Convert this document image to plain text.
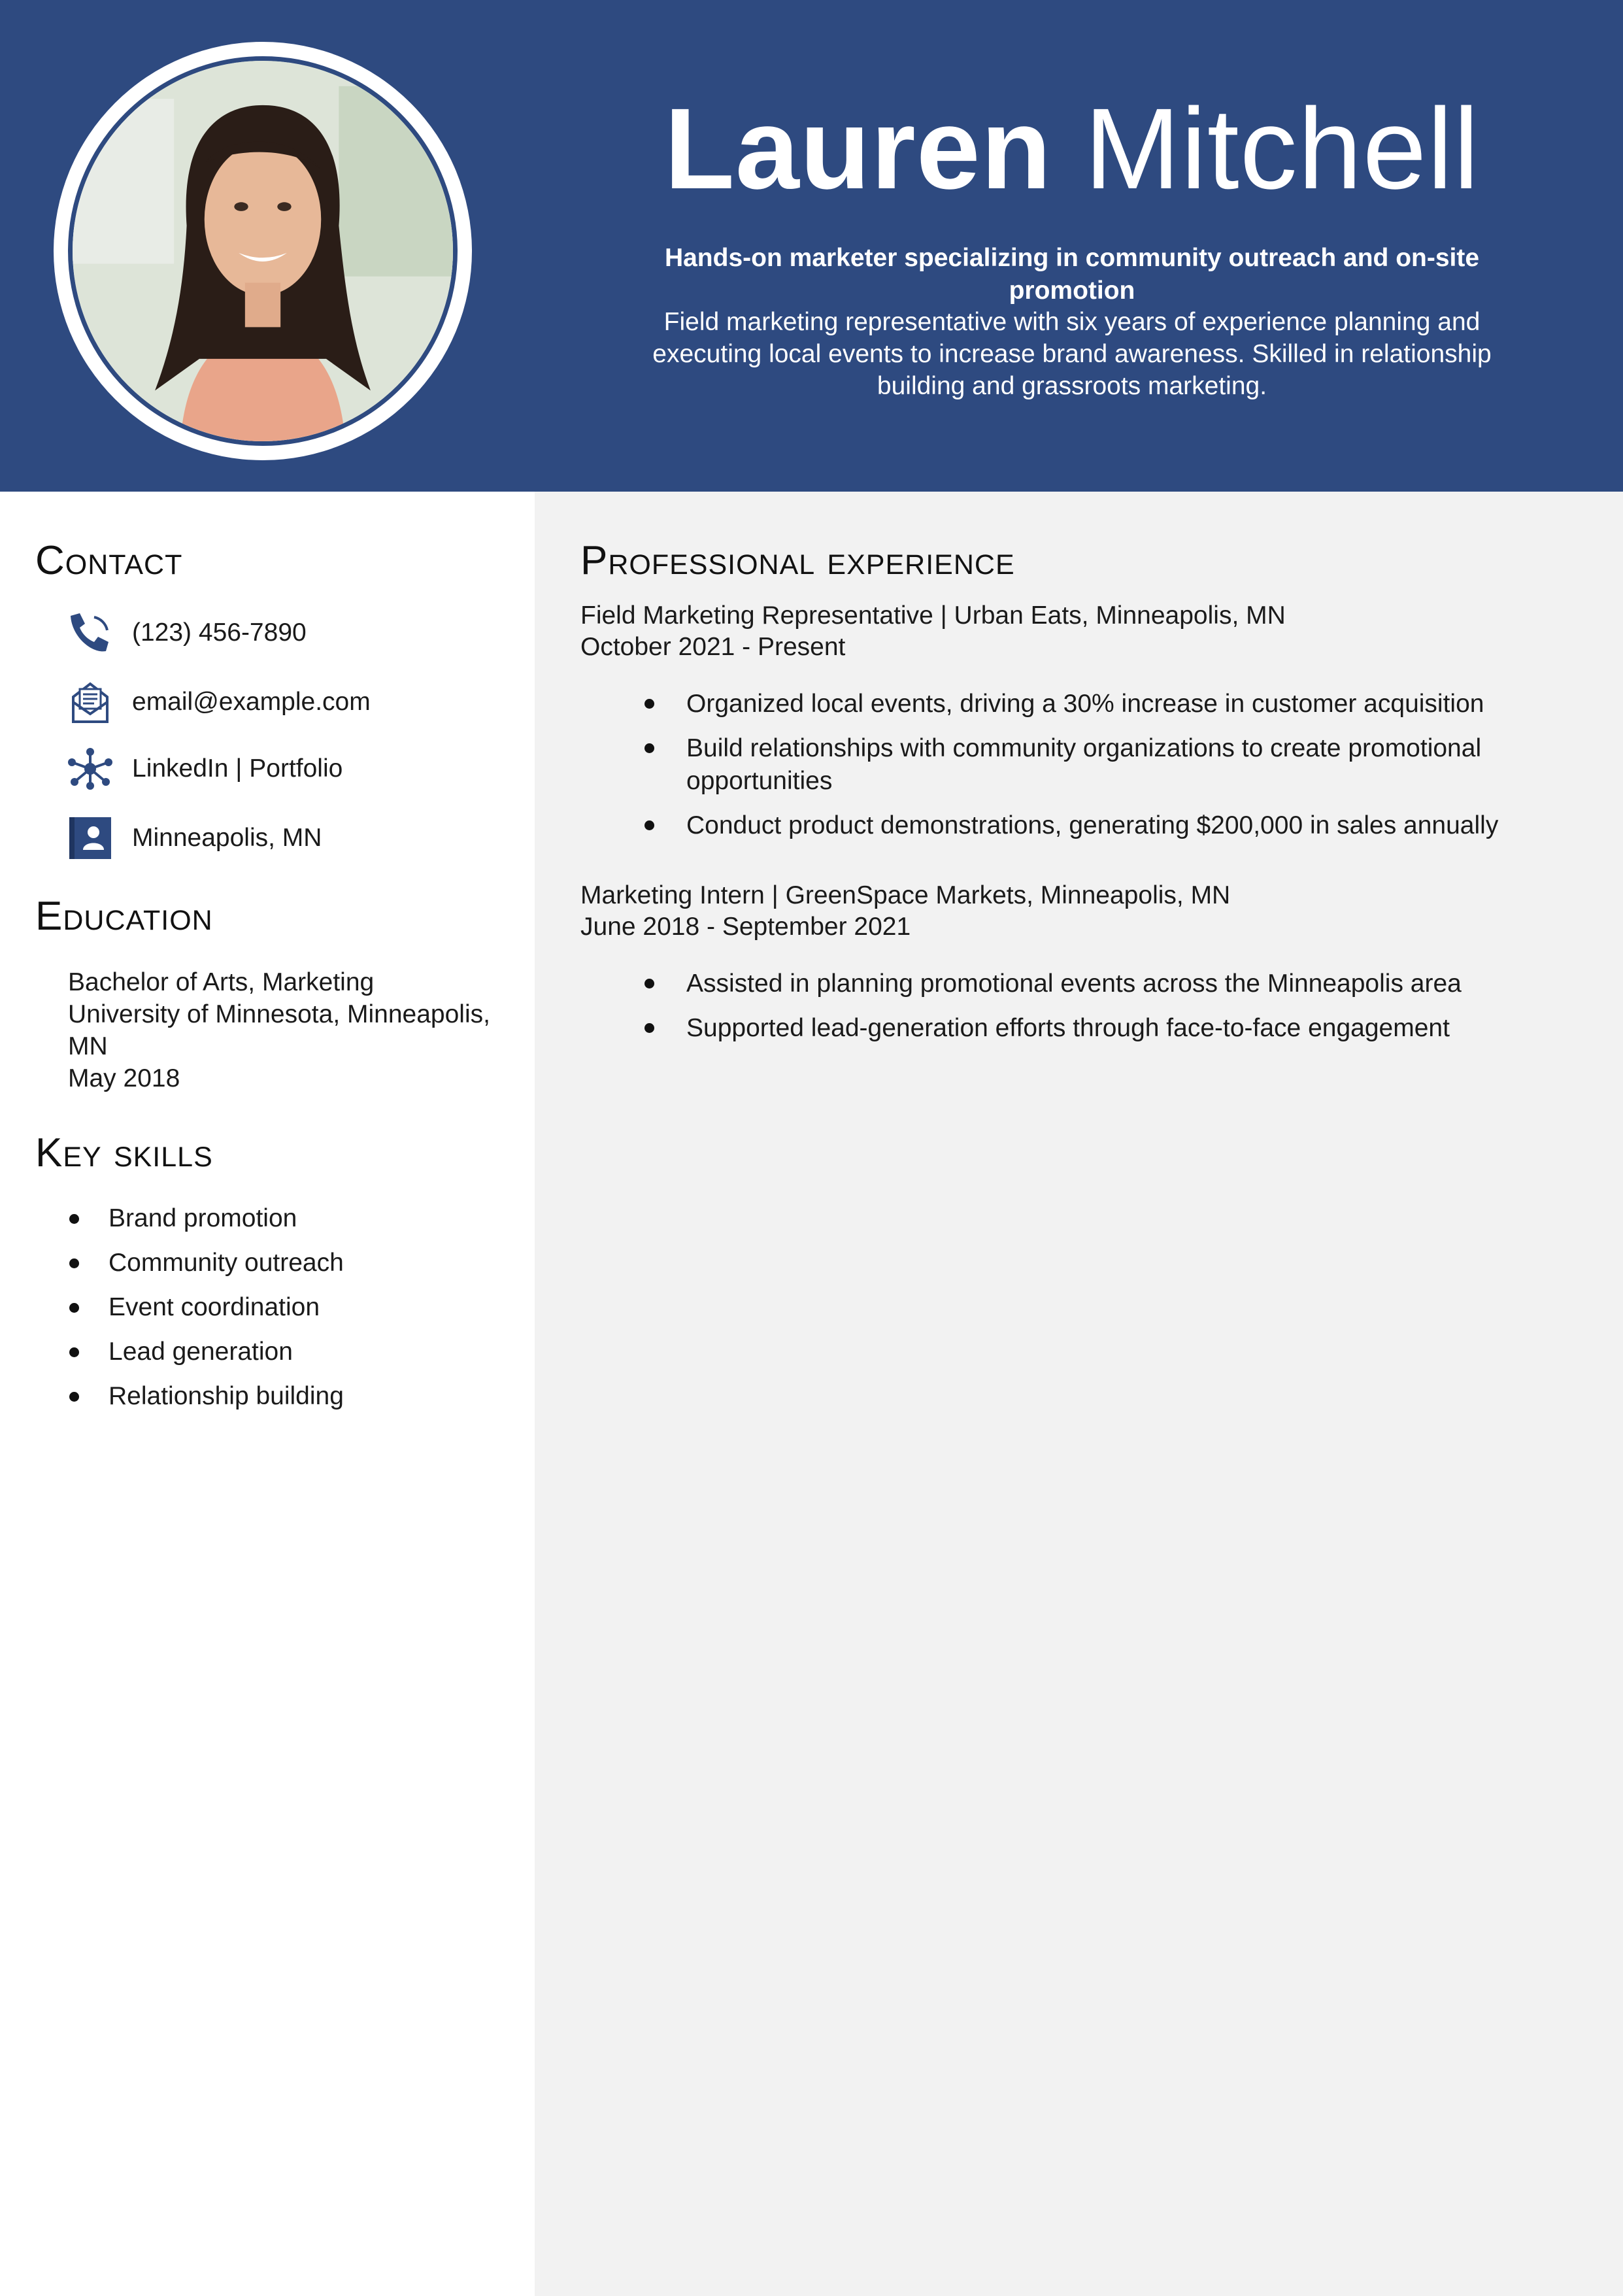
Lauren Mitchell
Hands-on marketer specializing in community outreach and on-site promotion
Field marketing representative with six years of experience planning and executing local events to increase brand awareness. Skilled in relationship building and grassroots marketing.
Contact
(123) 456-7890
email@example.com
LinkedIn | Portfolio
Minneapolis, MN
Education
Bachelor of Arts, Marketing
University of Minnesota, Minneapolis, MN
May 2018
Key skills
Brand promotion
Community outreach
Event coordination
Lead generation
Relationship building
Professional experience
Field Marketing Representative | Urban Eats, Minneapolis, MN
October 2021 - Present
Organized local events, driving a 30% increase in customer acquisition
Build relationships with community organizations to create promotional opportunities
Conduct product demonstrations, generating $200,000 in sales annually
Marketing Intern | GreenSpace Markets, Minneapolis, MN
June 2018 - September 2021
Assisted in planning promotional events across the Minneapolis area
Supported lead-generation efforts through face-to-face engagement
